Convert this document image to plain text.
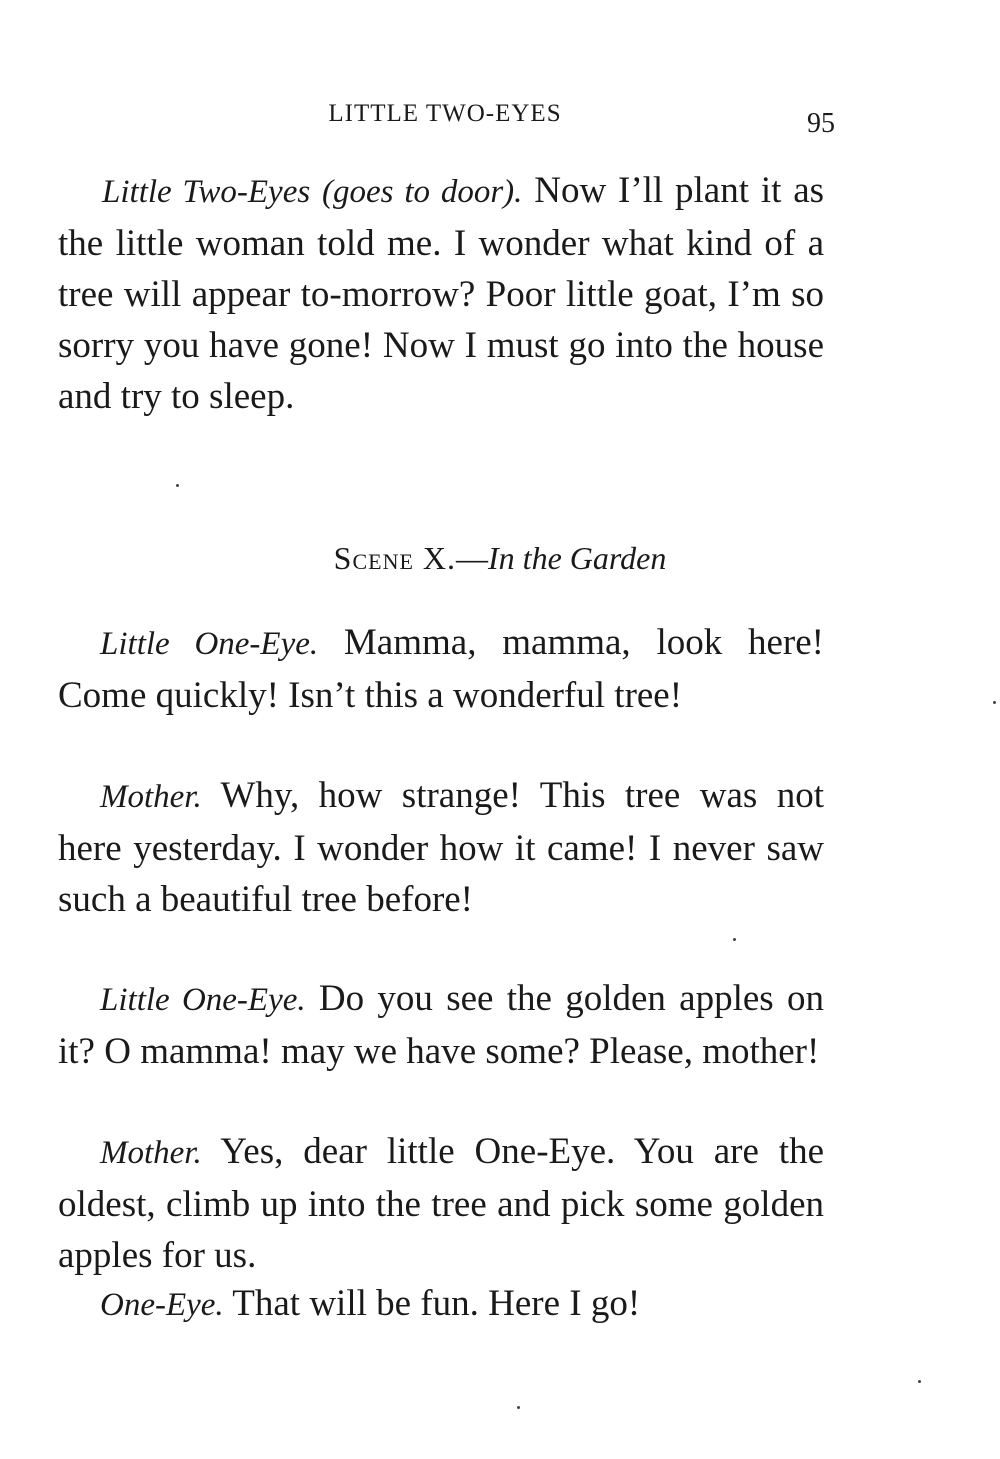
LITTLE TWO-EYES	95

Little Two-Eyes (goes to door). Now I’ll plant it as the little woman told me. I wonder what kind of a tree will appear to-morrow? Poor little goat, I’m so sorry you have gone! Now I must go into the house and try to sleep.

Scene X.—In the Garden

Little One-Eye. Mamma, mamma, look here! Come quickly! Isn’t this a wonderful tree!

Mother. Why, how strange! This tree was not here yesterday. I wonder how it came! I never saw such a beautiful tree before!

Little One-Eye. Do you see the golden apples on it? O mamma! may we have some? Please, mother!

Mother. Yes, dear little One-Eye. You are the oldest, climb up into the tree and pick some golden apples for us.

One-Eye. That will be fun. Here I go!
